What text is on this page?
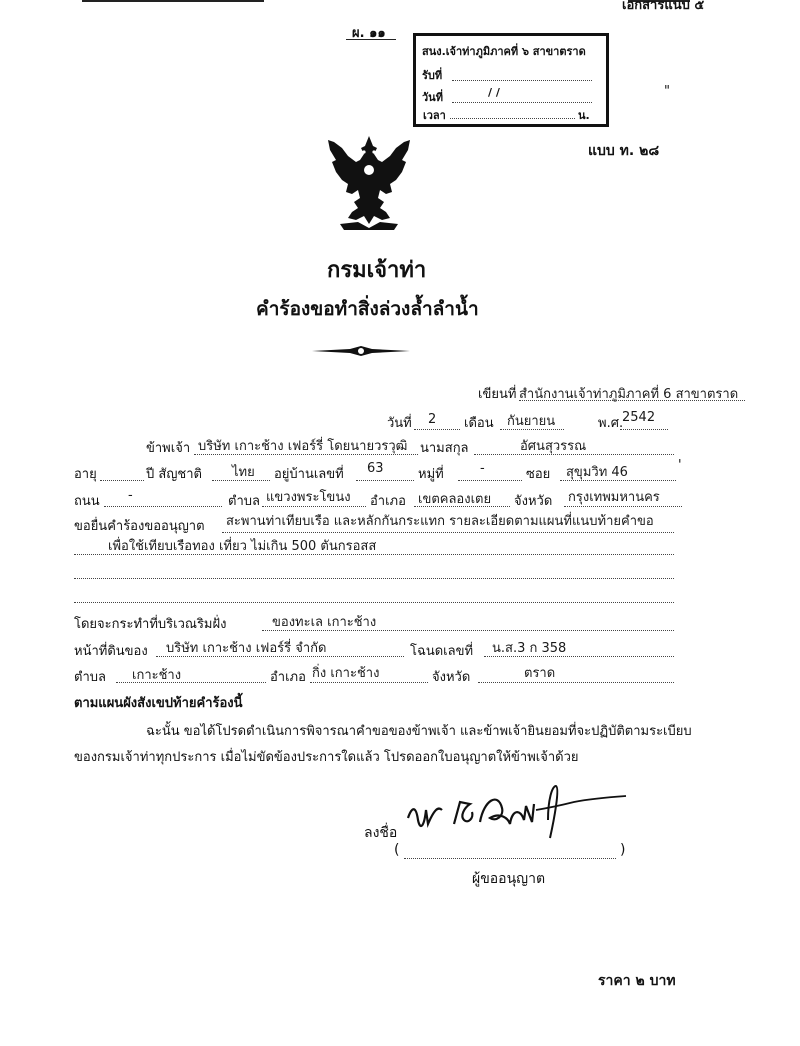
เอกสารแนบ ๕
ผ. ๑๑
สนง.เจ้าท่าภูมิภาคที่ ๖ สาขาตราด
รับที่
วันที่	/ /
เวลา	น.
"
แบบ ท. ๒๘
กรมเจ้าท่า
คำร้องขอทำสิ่งล่วงล้ำลำน้ำ
เขียนที่ สำนักงานเจ้าท่าภูมิภาคที่ 6 สาขาตราด
วันที่ 2 เดือน กันยายน	พ.ศ.
2542
ข้าพเจ้า บริษัท เกาะช้าง เฟอร์รี่ โดยนายวรวุฒิ นามสกุล	อัศนสุวรรณ
อายุ	ปี สัญชาติ ไทย อยู่บ้านเลขที่ 63	หมู่ที่	-	ซอย สุขุมวิท 46
ถนน -	ตำบล แขวงพระโขนง อำเภอ เขตคลองเตย จังหวัด กรุงเทพมหานคร
ขอยื่นคำร้องขออนุญาต สะพานท่าเทียบเรือ และหลักกันกระแทก รายละเอียดตามแผนที่แนบท้ายคำขอ
เพื่อใช้เทียบเรือทอง เที่ยว ไม่เกิน 500 ตันกรอสส
โดยจะกระทำที่บริเวณริมฝั่ง	ของทะเล เกาะช้าง
หน้าที่ดินของ บริษัท เกาะช้าง เฟอร์รี่ จำกัด	โฉนดเลขที่ น.ส.3 ก 358
ตำบล เกาะช้าง	อำเภอ กิ่ง เกาะช้าง	จังหวัด	ตราด
ตามแผนผังสังเขปท้ายคำร้องนี้
ฉะนั้น ขอได้โปรดดำเนินการพิจารณาคำขอของข้าพเจ้า และข้าพเจ้ายินยอมที่จะปฏิบัติตามระเบียบ
ของกรมเจ้าท่าทุกประการ เมื่อไม่ขัดข้องประการใดแล้ว โปรดออกใบอนุญาตให้ข้าพเจ้าด้วย
ลงชื่อ
(	)
ผู้ขออนุญาต
ราคา ๒ บาท
'
